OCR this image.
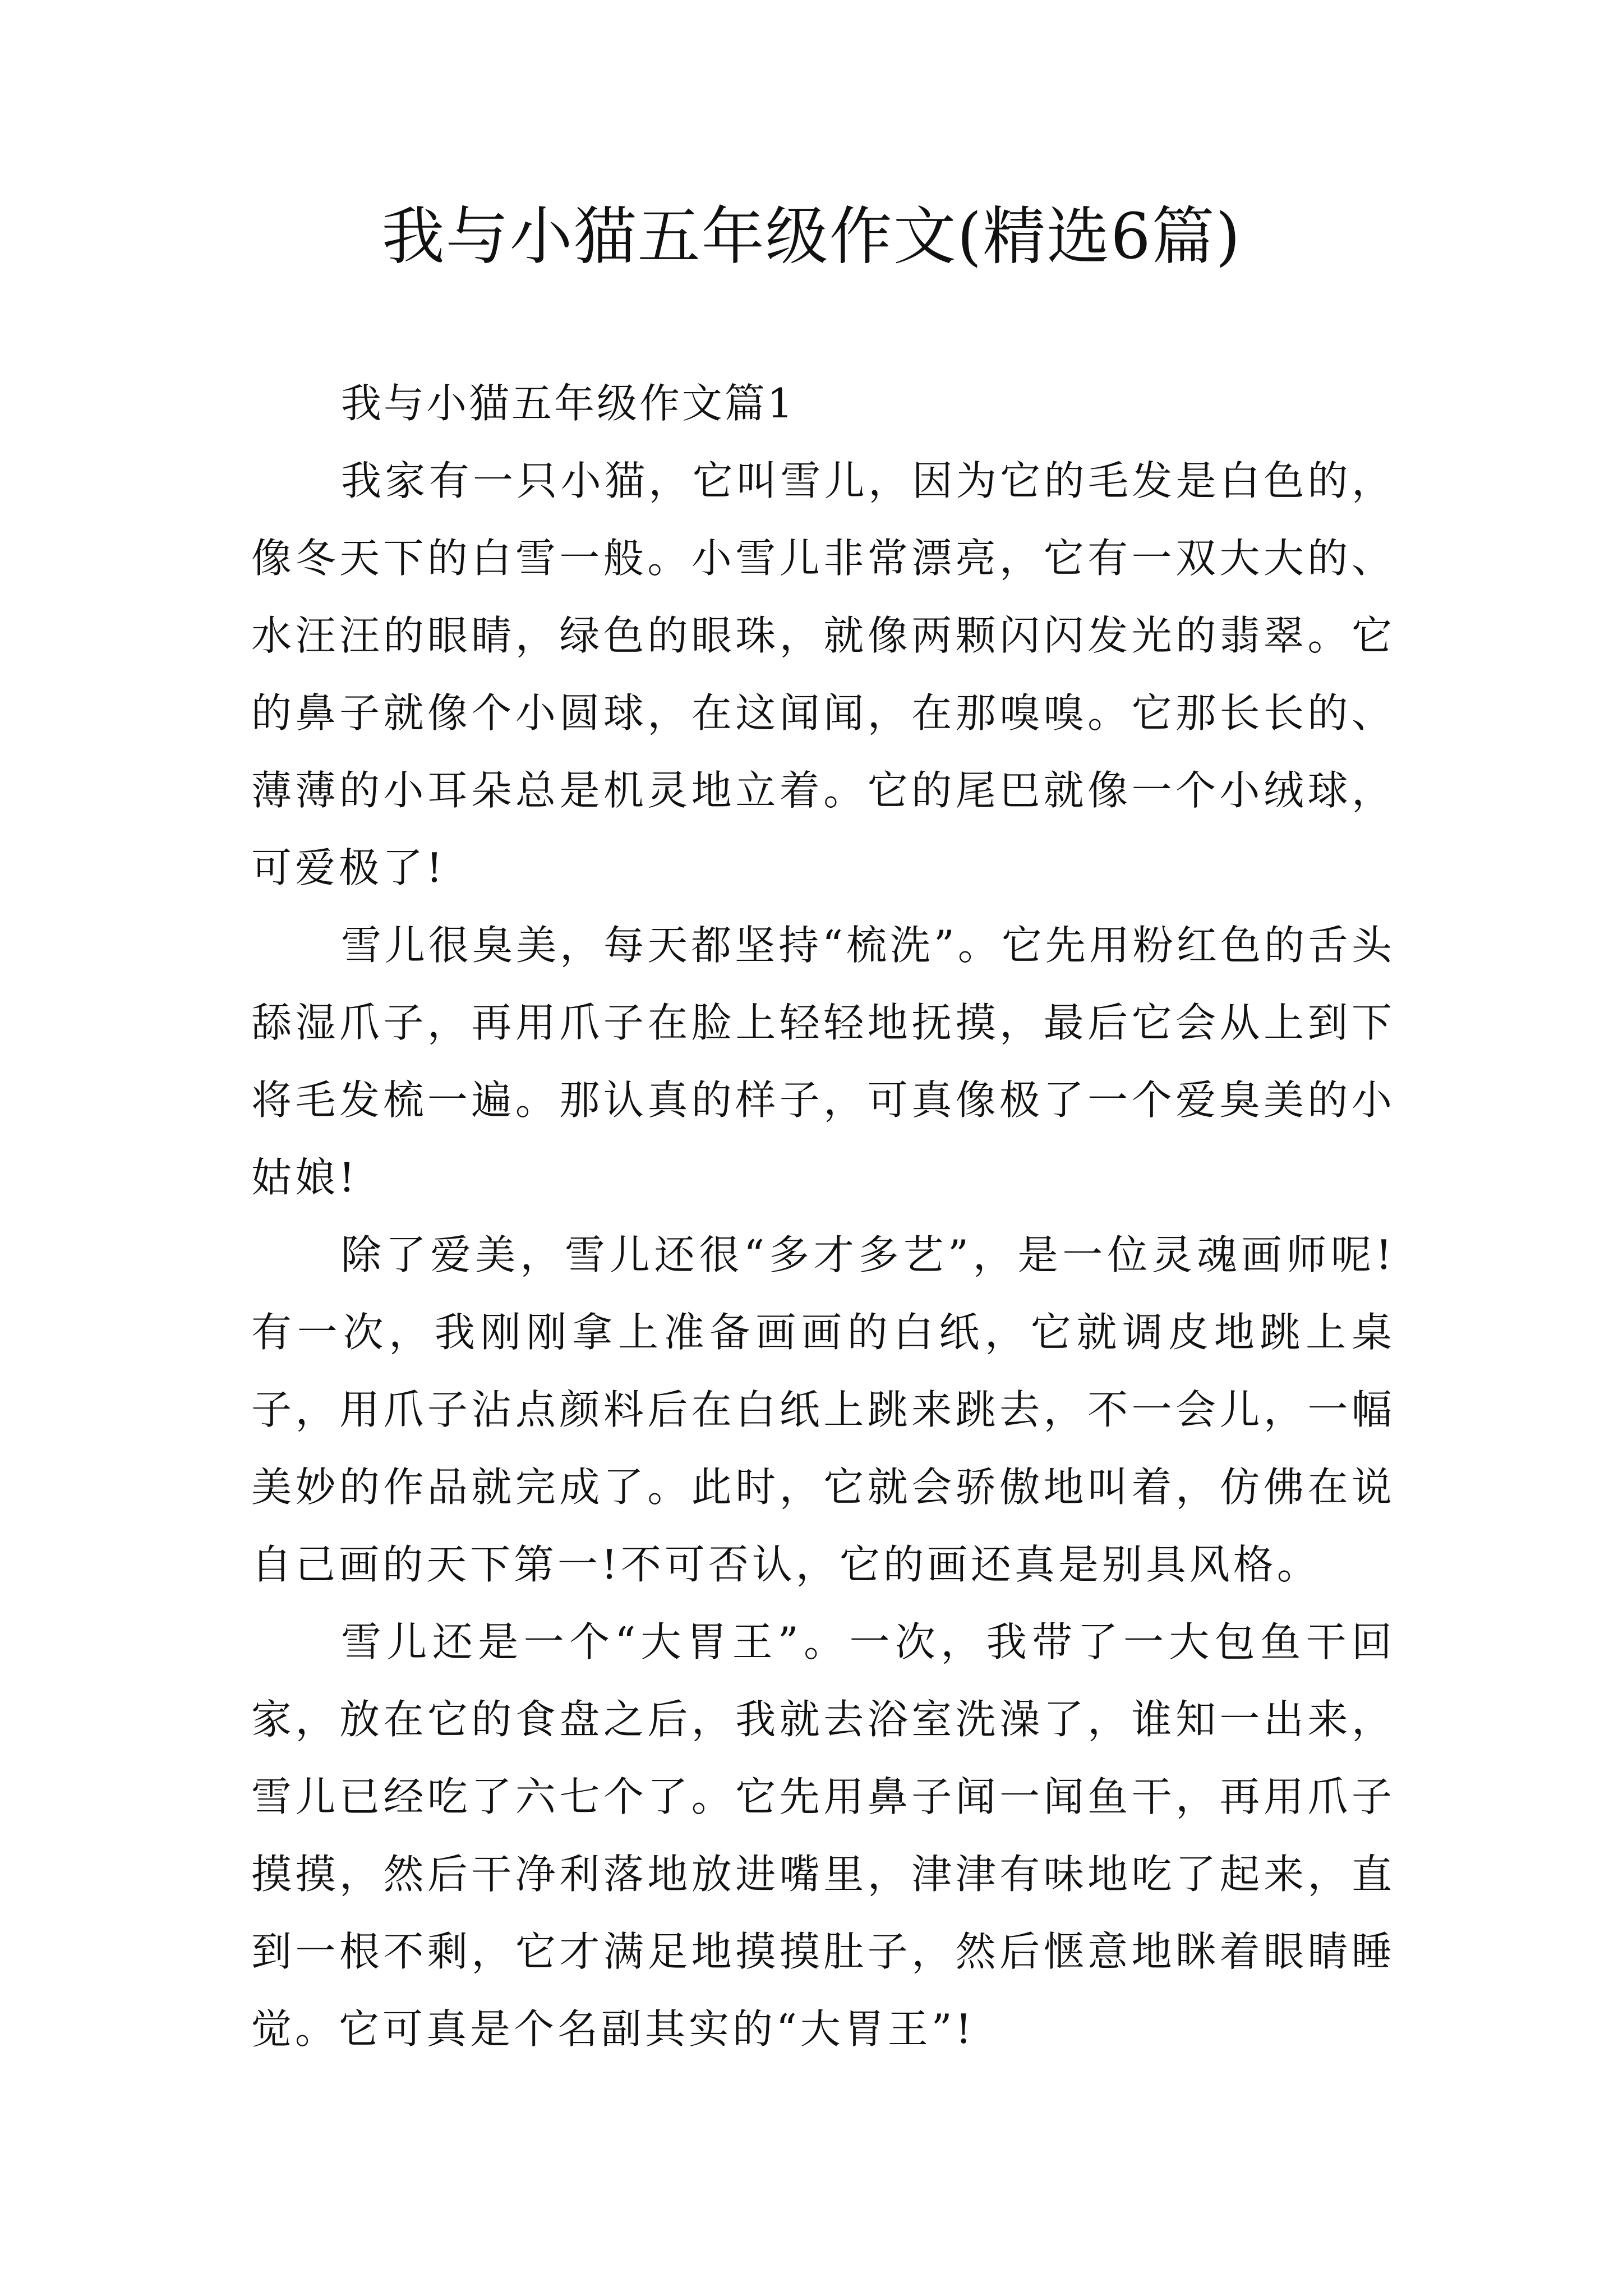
我与小猫五年级作文(精选6篇)
我与小猫五年级作文篇1

我家有一只小猫，它叫雪儿，因为它的毛发是白色的，像冬天下的白雪一般。小雪儿非常漂亮，它有一双大大的、水汪汪的眼睛，绿色的眼珠，就像两颗闪闪发光的翡翠。它的鼻子就像个小圆球，在这闻闻，在那嗅嗅。它那长长的、薄薄的小耳朵总是机灵地立着。它的尾巴就像一个小绒球，可爱极了!

雪儿很臭美，每天都坚持“梳洗”。它先用粉红色的舌头舔湿爪子，再用爪子在脸上轻轻地抚摸，最后它会从上到下将毛发梳一遍。那认真的样子，可真像极了一个爱臭美的小姑娘!

除了爱美，雪儿还很“多才多艺”，是一位灵魂画师呢!有一次，我刚刚拿上准备画画的白纸，它就调皮地跳上桌子，用爪子沾点颜料后在白纸上跳来跳去，不一会儿，一幅美妙的作品就完成了。此时，它就会骄傲地叫着，仿佛在说自己画的天下第一!不可否认，它的画还真是别具风格。

雪儿还是一个“大胃王”。一次，我带了一大包鱼干回家，放在它的食盘之后，我就去浴室洗澡了，谁知一出来，雪儿已经吃了六七个了。它先用鼻子闻一闻鱼干，再用爪子摸摸，然后干净利落地放进嘴里，津津有味地吃了起来，直到一根不剩，它才满足地摸摸肚子，然后惬意地眯着眼睛睡觉。它可真是个名副其实的“大胃王”!
